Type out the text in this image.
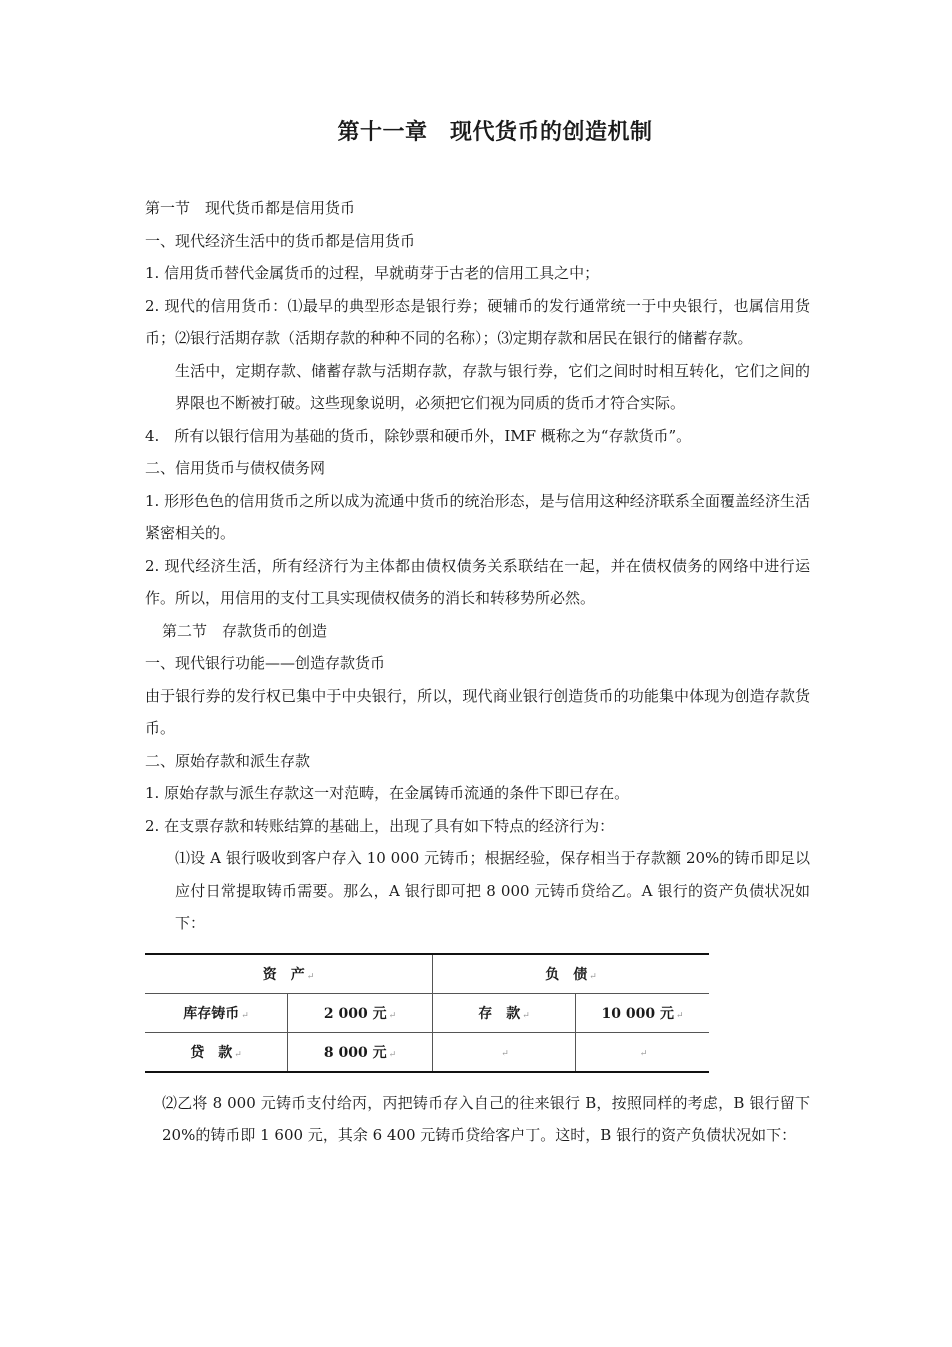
第十一章　现代货币的创造机制

第一节　现代货币都是信用货币

一、现代经济生活中的货币都是信用货币

1. 信用货币替代金属货币的过程，早就萌芽于古老的信用工具之中；

2. 现代的信用货币：⑴最早的典型形态是银行券；硬辅币的发行通常统一于中央银行，也属信用货币；⑵银行活期存款（活期存款的种种不同的名称）；⑶定期存款和居民在银行的储蓄存款。

生活中，定期存款、储蓄存款与活期存款，存款与银行券，它们之间时时相互转化，它们之间的界限也不断被打破。这些现象说明，必须把它们视为同质的货币才符合实际。

4.　所有以银行信用为基础的货币，除钞票和硬币外，IMF 概称之为“存款货币”。

二、信用货币与债权债务网

1. 形形色色的信用货币之所以成为流通中货币的统治形态，是与信用这种经济联系全面覆盖经济生活紧密相关的。

2. 现代经济生活，所有经济行为主体都由债权债务关系联结在一起，并在债权债务的网络中进行运作。所以，用信用的支付工具实现债权债务的消长和转移势所必然。

第二节　存款货币的创造

一、现代银行功能——创造存款货币

由于银行券的发行权已集中于中央银行，所以，现代商业银行创造货币的功能集中体现为创造存款货币。

二、原始存款和派生存款

1. 原始存款与派生存款这一对范畴，在金属铸币流通的条件下即已存在。

2. 在支票存款和转账结算的基础上，出现了具有如下特点的经济行为：

⑴设 A 银行吸收到客户存入 10 000 元铸币；根据经验，保存相当于存款额 20%的铸币即足以应付日常提取铸币需要。那么，A 银行即可把 8 000 元铸币贷给乙。A 银行的资产负债状况如下：

资　产 ↵		负　债 ↵	
库存铸币 ↵	2 000 元 ↵	存　款 ↵	10 000 元 ↵
贷　款 ↵	8 000 元 ↵	↵	↵

⑵乙将 8 000 元铸币支付给丙，丙把铸币存入自己的往来银行 B，按照同样的考虑，B 银行留下 20%的铸币即 1 600 元，其余 6 400 元铸币贷给客户丁。这时，B 银行的资产负债状况如下：
